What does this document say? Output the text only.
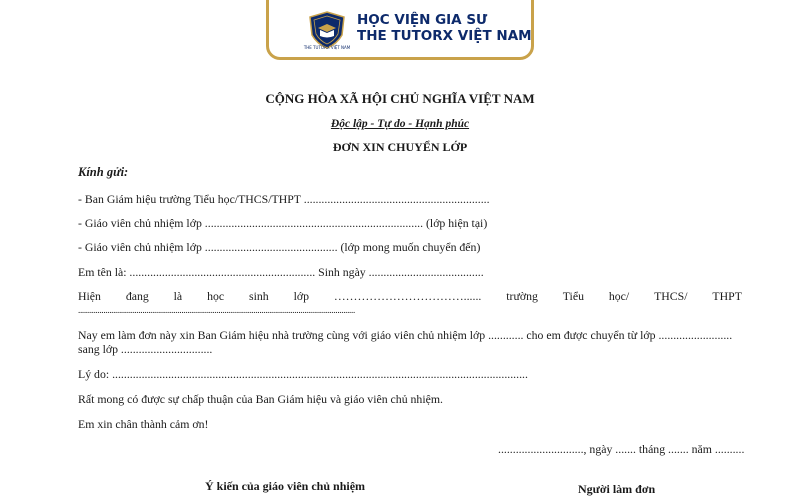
THE TUTORX VIỆT NAM
HỌC VIỆN GIA SƯ
THE TUTORX VIỆT NAM
CỘNG HÒA XÃ HỘI CHỦ NGHĨA VIỆT NAM
Độc lập - Tự do - Hạnh phúc
ĐƠN XIN CHUYỂN LỚP
Kính gửi:
- Ban Giám hiệu trường Tiểu học/THCS/THPT ...............................................................
- Giáo viên chủ nhiệm lớp .......................................................................... (lớp hiện tại)
- Giáo viên chủ nhiệm lớp ............................................. (lớp mong muốn chuyển đến)
Em tên là: ............................................................... Sinh ngày .......................................
Hiện đang là học sinh lớp ……………………………...... trường Tiểu học/ THCS/ THPT
..............................................................................................................................................
Nay em làm đơn này xin Ban Giám hiệu nhà trường cùng với giáo viên chủ nhiệm lớp ............ cho em được chuyển từ lớp .........................
sang lớp ...............................
Lý do: .............................................................................................................................................
Rất mong có được sự chấp thuận của Ban Giám hiệu và giáo viên chủ nhiệm.
Em xin chân thành cảm ơn!
............................., ngày ....... tháng ....... năm ..........
Ý kiến của giáo viên chủ nhiệm	Người làm đơn
